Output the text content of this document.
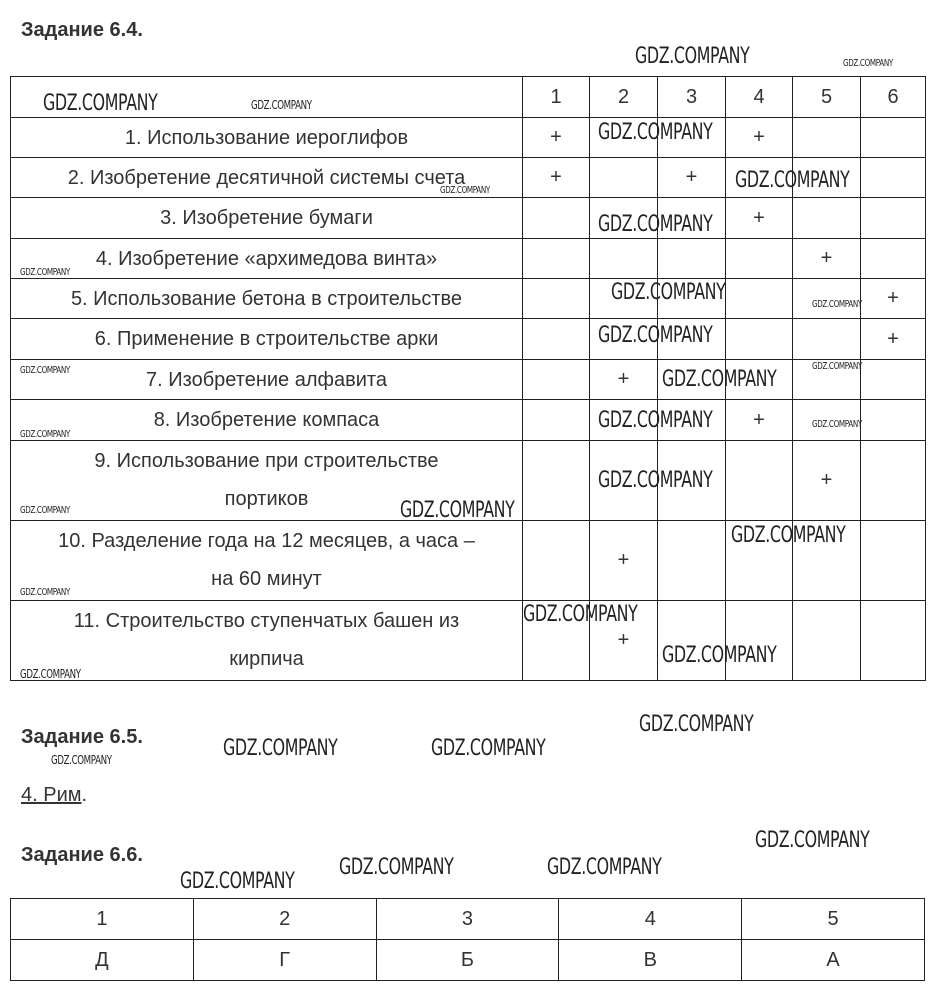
Задание 6.4.
	1	2	3	4	5	6

1. Использование иероглифов	+			+		

2. Изобретение десятичной системы счета	+		+			

3. Изобретение бумаги				+		

4. Изобретение «архимедова винта»					+	

5. Использование бетона в строительстве						+

6. Применение в строительстве арки						+

7. Изобретение алфавита		+				

8. Изобретение компаса				+		

9. Использование при строительстве
портиков					+	

10. Разделение года на 12 месяцев, а часа –
на 60 минут		+				

11. Строительство ступенчатых башен из
кирпича		+				
Задание 6.5.
4. Рим.
Задание 6.6.
1	2	3	4	5
Д	Г	Б	В	А
GDZ.COMPANY	GDZ.COMPANY
GDZ.COMPANY
GDZ.COMPANY
GDZ.COMPANY
GDZ.COMPANY
GDZ.COMPANY
GDZ.COMPANY	GDZ.COMPANY
GDZ.COMPANY
GDZ.COMPANY
GDZ.COMPANY	GDZ.COMPANY
GDZ.COMPANY	GDZ.COMPANY
GDZ.COMPANY
GDZ.COMPANY
GDZ.COMPANY	GDZ.COMPANY
GDZ.COMPANY
GDZ.COMPANY
GDZ.COMPANY
GDZ.COMPANY
GDZ.COMPANY
GDZ.COMPANY	GDZ.COMPANY
GDZ.COMPANY
GDZ.COMPANY	GDZ.COMPANY
GDZ.COMPANY
GDZ.COMPANY
GDZ.COMPANY	GDZ.COMPANY
GDZ.COMPANY
